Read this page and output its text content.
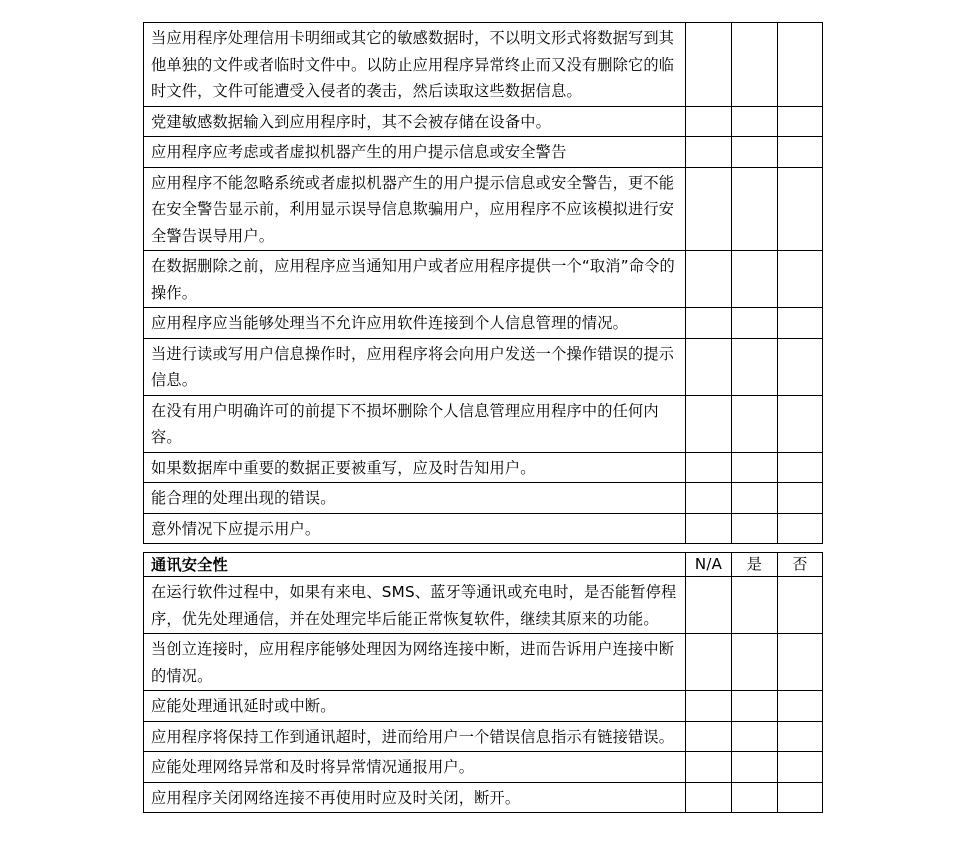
当应用程序处理信用卡明细或其它的敏感数据时，不以明文形式将数据写到其他单独的文件或者临时文件中。以防止应用程序异常终止而又没有删除它的临时文件，文件可能遭受入侵者的袭击，然后读取这些数据信息。			
党建敏感数据输入到应用程序时，其不会被存储在设备中。			
应用程序应考虑或者虚拟机器产生的用户提示信息或安全警告			
应用程序不能忽略系统或者虚拟机器产生的用户提示信息或安全警告，更不能在安全警告显示前，利用显示误导信息欺骗用户，应用程序不应该模拟进行安全警告误导用户。			
在数据删除之前，应用程序应当通知用户或者应用程序提供一个“取消”命令的操作。			
应用程序应当能够处理当不允许应用软件连接到个人信息管理的情况。			
当进行读或写用户信息操作时，应用程序将会向用户发送一个操作错误的提示信息。			
在没有用户明确许可的前提下不损坏删除个人信息管理应用程序中的任何内容。			
如果数据库中重要的数据正要被重写，应及时告知用户。			
能合理的处理出现的错误。			
意外情况下应提示用户。			
通讯安全性	N/A	是	否
在运行软件过程中，如果有来电、SMS、蓝牙等通讯或充电时，是否能暂停程序，优先处理通信，并在处理完毕后能正常恢复软件，继续其原来的功能。			
当创立连接时，应用程序能够处理因为网络连接中断，进而告诉用户连接中断的情况。			
应能处理通讯延时或中断。			
应用程序将保持工作到通讯超时，进而给用户一个错误信息指示有链接错误。			
应能处理网络异常和及时将异常情况通报用户。			
应用程序关闭网络连接不再使用时应及时关闭，断开。			
